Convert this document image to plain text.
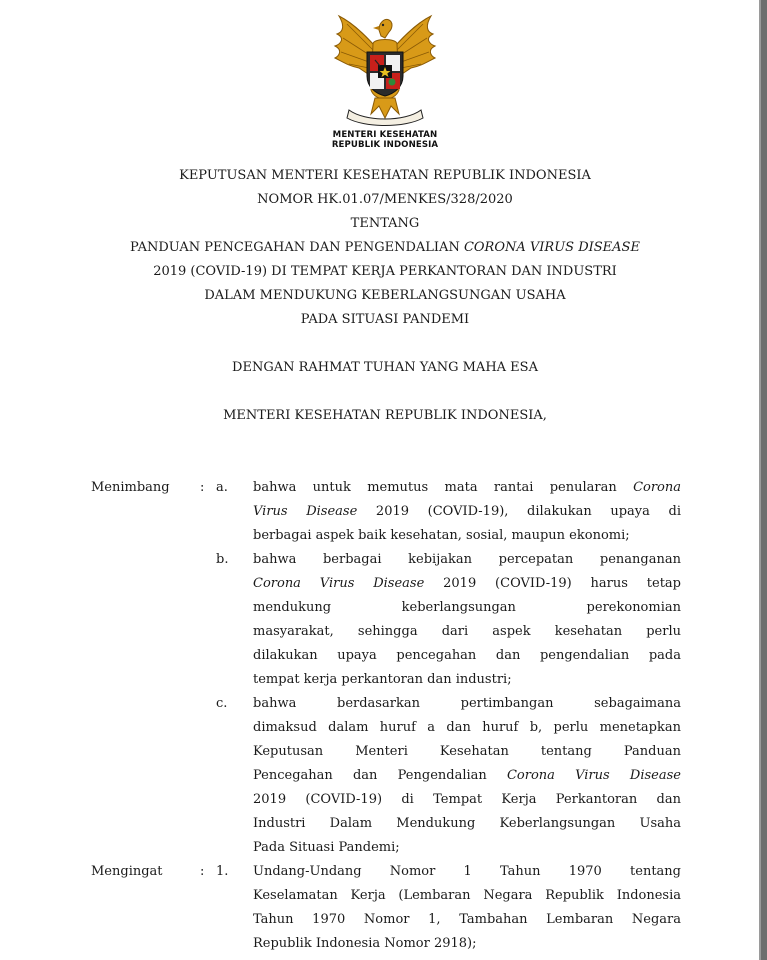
MENTERI KESEHATAN
REPUBLIK INDONESIA
KEPUTUSAN MENTERI KESEHATAN REPUBLIK INDONESIA
NOMOR HK.01.07/MENKES/328/2020
TENTANG
PANDUAN PENCEGAHAN DAN PENGENDALIAN CORONA VIRUS DISEASE
2019 (COVID-19) DI TEMPAT KERJA PERKANTORAN DAN INDUSTRI
DALAM MENDUKUNG KEBERLANGSUNGAN USAHA
PADA SITUASI PANDEMI
DENGAN RAHMAT TUHAN YANG MAHA ESA
MENTERI KESEHATAN REPUBLIK INDONESIA,
Menimbang : a. bahwa untuk memutus mata rantai penularan Corona
Virus Disease 2019 (COVID-19), dilakukan upaya di
berbagai aspek baik kesehatan, sosial, maupun ekonomi;
b. bahwa berbagai kebijakan percepatan penanganan
Corona Virus Disease 2019 (COVID-19) harus tetap
mendukung keberlangsungan perekonomian
masyarakat, sehingga dari aspek kesehatan perlu
dilakukan upaya pencegahan dan pengendalian pada
tempat kerja perkantoran dan industri;
c. bahwa berdasarkan pertimbangan sebagaimana
dimaksud dalam huruf a dan huruf b, perlu menetapkan
Keputusan Menteri Kesehatan tentang Panduan
Pencegahan dan Pengendalian Corona Virus Disease
2019 (COVID-19) di Tempat Kerja Perkantoran dan
Industri Dalam Mendukung Keberlangsungan Usaha
Pada Situasi Pandemi;
Mengingat	: 1. Undang-Undang Nomor 1 Tahun 1970 tentang
Keselamatan Kerja (Lembaran Negara Republik Indonesia
Tahun 1970 Nomor 1, Tambahan Lembaran Negara
Republik Indonesia Nomor 2918);
